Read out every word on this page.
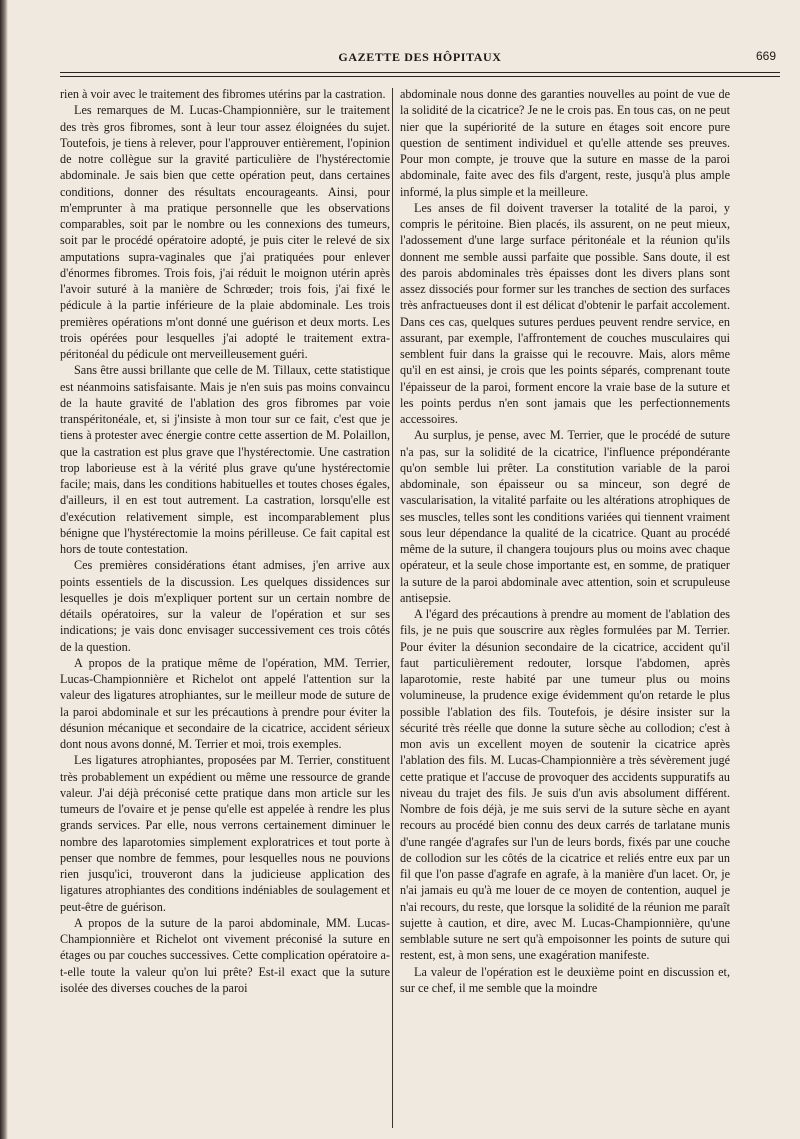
GAZETTE DES HÔPITAUX	669

rien à voir avec le traitement des fibromes utérins par la castration.

Les remarques de M. Lucas-Championnière, sur le traitement des très gros fibromes, sont à leur tour assez éloignées du sujet. Toutefois, je tiens à relever, pour l'approuver entièrement, l'opinion de notre collègue sur la gravité particulière de l'hystérectomie abdominale. Je sais bien que cette opération peut, dans certaines conditions, donner des résultats encourageants. Ainsi, pour m'emprunter à ma pratique personnelle que les observations comparables, soit par le nombre ou les connexions des tumeurs, soit par le procédé opératoire adopté, je puis citer le relevé de six amputations supra-vaginales que j'ai pratiquées pour enlever d'énormes fibromes. Trois fois, j'ai réduit le moignon utérin après l'avoir suturé à la manière de Schrœder; trois fois, j'ai fixé le pédicule à la partie inférieure de la plaie abdominale. Les trois premières opérations m'ont donné une guérison et deux morts. Les trois opérées pour lesquelles j'ai adopté le traitement extra-péritonéal du pédicule ont merveilleusement guéri.

Sans être aussi brillante que celle de M. Tillaux, cette statistique est néanmoins satisfaisante. Mais je n'en suis pas moins convaincu de la haute gravité de l'ablation des gros fibromes par voie transpéritonéale, et, si j'insiste à mon tour sur ce fait, c'est que je tiens à protester avec énergie contre cette assertion de M. Polaillon, que la castration est plus grave que l'hystérectomie. Une castration trop laborieuse est à la vérité plus grave qu'une hystérectomie facile; mais, dans les conditions habituelles et toutes choses égales, d'ailleurs, il en est tout autrement. La castration, lorsqu'elle est d'exécution relativement simple, est incomparablement plus bénigne que l'hystérectomie la moins périlleuse. Ce fait capital est hors de toute contestation.

Ces premières considérations étant admises, j'en arrive aux points essentiels de la discussion. Les quelques dissidences sur lesquelles je dois m'expliquer portent sur un certain nombre de détails opératoires, sur la valeur de l'opération et sur ses indications; je vais donc envisager successivement ces trois côtés de la question.

A propos de la pratique même de l'opération, MM. Terrier, Lucas-Championnière et Richelot ont appelé l'attention sur la valeur des ligatures atrophiantes, sur le meilleur mode de suture de la paroi abdominale et sur les précautions à prendre pour éviter la désunion mécanique et secondaire de la cicatrice, accident sérieux dont nous avons donné, M. Terrier et moi, trois exemples.

Les ligatures atrophiantes, proposées par M. Terrier, constituent très probablement un expédient ou même une ressource de grande valeur. J'ai déjà préconisé cette pratique dans mon article sur les tumeurs de l'ovaire et je pense qu'elle est appelée à rendre les plus grands services. Par elle, nous verrons certainement diminuer le nombre des laparotomies simplement exploratrices et tout porte à penser que nombre de femmes, pour lesquelles nous ne pouvions rien jusqu'ici, trouveront dans la judicieuse application des ligatures atrophiantes des conditions indéniables de soulagement et peut-être de guérison.

A propos de la suture de la paroi abdominale, MM. Lucas-Championnière et Richelot ont vivement préconisé la suture en étages ou par couches successives. Cette complication opératoire a-t-elle toute la valeur qu'on lui prête? Est-il exact que la suture isolée des diverses couches de la paroi

abdominale nous donne des garanties nouvelles au point de vue de la solidité de la cicatrice? Je ne le crois pas. En tous cas, on ne peut nier que la supériorité de la suture en étages soit encore pure question de sentiment individuel et qu'elle attende ses preuves. Pour mon compte, je trouve que la suture en masse de la paroi abdominale, faite avec des fils d'argent, reste, jusqu'à plus ample informé, la plus simple et la meilleure.

Les anses de fil doivent traverser la totalité de la paroi, y compris le péritoine. Bien placés, ils assurent, on ne peut mieux, l'adossement d'une large surface péritonéale et la réunion qu'ils donnent me semble aussi parfaite que possible. Sans doute, il est des parois abdominales très épaisses dont les divers plans sont assez dissociés pour former sur les tranches de section des surfaces très anfractueuses dont il est délicat d'obtenir le parfait accolement. Dans ces cas, quelques sutures perdues peuvent rendre service, en assurant, par exemple, l'affrontement de couches musculaires qui semblent fuir dans la graisse qui le recouvre. Mais, alors même qu'il en est ainsi, je crois que les points séparés, comprenant toute l'épaisseur de la paroi, forment encore la vraie base de la suture et les points perdus n'en sont jamais que les perfectionnements accessoires.

Au surplus, je pense, avec M. Terrier, que le procédé de suture n'a pas, sur la solidité de la cicatrice, l'influence prépondérante qu'on semble lui prêter. La constitution variable de la paroi abdominale, son épaisseur ou sa minceur, son degré de vascularisation, la vitalité parfaite ou les altérations atrophiques de ses muscles, telles sont les conditions variées qui tiennent vraiment sous leur dépendance la qualité de la cicatrice. Quant au procédé même de la suture, il changera toujours plus ou moins avec chaque opérateur, et la seule chose importante est, en somme, de pratiquer la suture de la paroi abdominale avec attention, soin et scrupuleuse antisepsie.

A l'égard des précautions à prendre au moment de l'ablation des fils, je ne puis que souscrire aux règles formulées par M. Terrier. Pour éviter la désunion secondaire de la cicatrice, accident qu'il faut particulièrement redouter, lorsque l'abdomen, après laparotomie, reste habité par une tumeur plus ou moins volumineuse, la prudence exige évidemment qu'on retarde le plus possible l'ablation des fils. Toutefois, je désire insister sur la sécurité très réelle que donne la suture sèche au collodion; c'est à mon avis un excellent moyen de soutenir la cicatrice après l'ablation des fils. M. Lucas-Championnière a très sévèrement jugé cette pratique et l'accuse de provoquer des accidents suppuratifs au niveau du trajet des fils. Je suis d'un avis absolument différent. Nombre de fois déjà, je me suis servi de la suture sèche en ayant recours au procédé bien connu des deux carrés de tarlatane munis d'une rangée d'agrafes sur l'un de leurs bords, fixés par une couche de collodion sur les côtés de la cicatrice et reliés entre eux par un fil que l'on passe d'agrafe en agrafe, à la manière d'un lacet. Or, je n'ai jamais eu qu'à me louer de ce moyen de contention, auquel je n'ai recours, du reste, que lorsque la solidité de la réunion me paraît sujette à caution, et dire, avec M. Lucas-Championnière, qu'une semblable suture ne sert qu'à empoisonner les points de suture qui restent, est, à mon sens, une exagération manifeste.

La valeur de l'opération est le deuxième point en discussion et, sur ce chef, il me semble que la moindre
